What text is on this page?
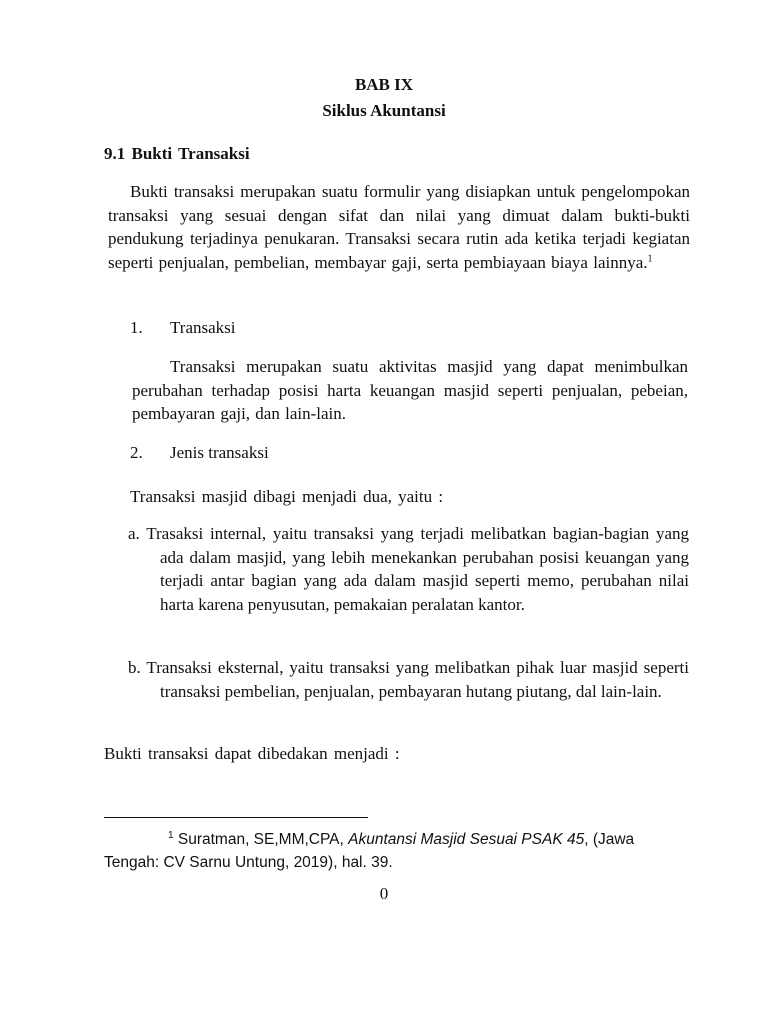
BAB IX
Siklus Akuntansi
9.1 Bukti Transaksi
Bukti transaksi merupakan suatu formulir yang disiapkan untuk pengelompokan transaksi yang sesuai dengan sifat dan nilai yang dimuat dalam bukti-bukti pendukung terjadinya penukaran. Transaksi secara rutin ada ketika terjadi kegiatan seperti penjualan, pembelian, membayar gaji, serta pembiayaan biaya lainnya.$^1$
1. Transaksi
Transaksi merupakan suatu aktivitas masjid yang dapat menimbulkan perubahan terhadap posisi harta keuangan masjid seperti penjualan, pebeian, pembayaran gaji, dan lain-lain.
2. Jenis transaksi
Transaksi masjid dibagi menjadi dua, yaitu :
a. Trasaksi internal, yaitu transaksi yang terjadi melibatkan bagian-bagian yang ada dalam masjid, yang lebih menekankan perubahan posisi keuangan yang terjadi antar bagian yang ada dalam masjid seperti memo, perubahan nilai harta karena penyusutan, pemakaian peralatan kantor.
b. Transaksi eksternal, yaitu transaksi yang melibatkan pihak luar masjid seperti transaksi pembelian, penjualan, pembayaran hutang piutang, dal lain-lain.
Bukti transaksi dapat dibedakan menjadi :
$^1$ Suratman, SE,MM,CPA, Akuntansi Masjid Sesuai PSAK 45, (Jawa Tengah: CV Sarnu Untung, 2019), hal. 39.
0
